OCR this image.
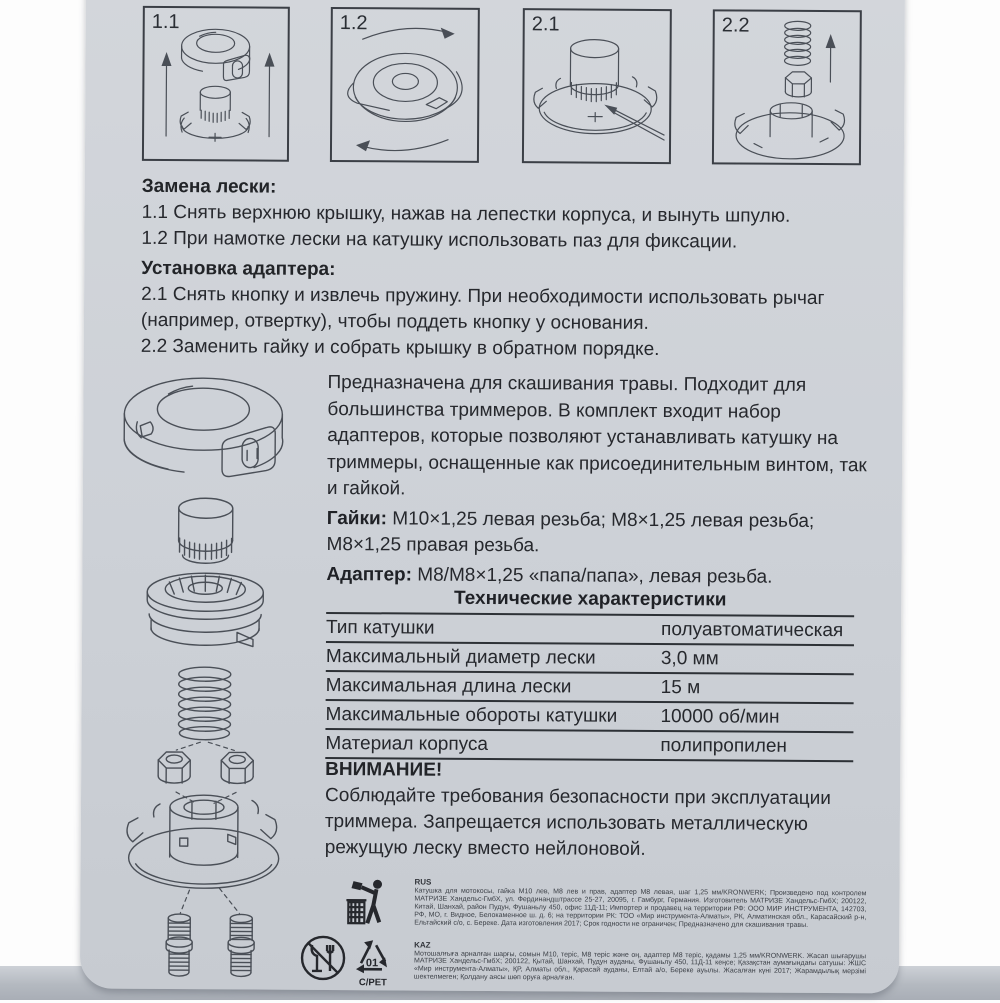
1.1	1.2	2.1	2.2
Замена лески:
1.1 Снять верхнюю крышку, нажав на лепестки корпуса, и вынуть шпулю.
1.2 При намотке лески на катушку использовать паз для фиксации.
Установка адаптера:
2.1 Снять кнопку и извлечь пружину. При необходимости использовать рычаг (например, отвертку), чтобы поддеть кнопку у основания.
2.2 Заменить гайку и собрать крышку в обратном порядке.

Предназначена для скашивания травы. Подходит для большинства триммеров. В комплект входит набор адаптеров, которые позволяют устанавливать катушку на триммеры, оснащенные как присоединительным винтом, так и гайкой.

Гайки: M10×1,25 левая резьба; M8×1,25 левая резьба; M8×1,25 правая резьба.

Адаптер: M8/M8×1,25 «папа/папа», левая резьба.

Технические характеристики
Тип катушки	полуавтоматическая
Максимальный диаметр лески	3,0 мм
Максимальная длина лески	15 м
Максимальные обороты катушки	10000 об/мин
Материал корпуса	полипропилен
ВНИМАНИЕ!
Соблюдайте требования безопасности при эксплуатации триммера. Запрещается использовать металлическую режущую леску вместо нейлоновой.
01
C/PET
RUS
Катушка для мотокосы, гайка M10 лев, M8 лев и прав, адаптер M8 левая, шаг 1,25 мм/KRONWERK; Произведено под контролем МАТРИЗЕ Хандельс-ГмбХ, ул. Фердинандштрассе 25-27, 20095, г. Гамбург, Германия. Изготовитель МАТРИЗЕ Хандельс-ГмбХ; 200122, Китай, Шанхай, район Пудун, Фушаньлу 450, офис 11Д-11; Импортер и продавец на территории РФ: ООО МИР ИНСТРУМЕНТА, 142703, РФ, МО, г. Видное, Белокаменное ш. д. 6; на территории РК: ТОО «Мир инструмента-Алматы», РК, Алматинская обл., Карасайский р-н, Ельтайский с/о, с. Береке. Дата изготовления 2017; Срок годности не ограничен; Предназначено для скашивания травы.
KAZ
Мотошалғыға арналған шарғы, сомын M10, теріс, M8 теріс және оң, адаптер M8 теріс, қадамы 1,25 мм/KRONWERK. Жасап шығарушы МАТРИЗЕ Хандельс-ГмбХ; 200122, Қытай, Шанхай, Пудун ауданы, Фушаньлу 450, 11Д-11 кеңсе; Қазақстан аумағындағы сатушы: ЖШС «Мир инструмента-Алматы», ҚР, Алматы обл., Қарасай ауданы, Елтай а/о, Береке ауылы. Жасалған күні 2017; Жарамдылық мерзімі шектелмеген; Қолдану аясы шөп оруға арналған.
